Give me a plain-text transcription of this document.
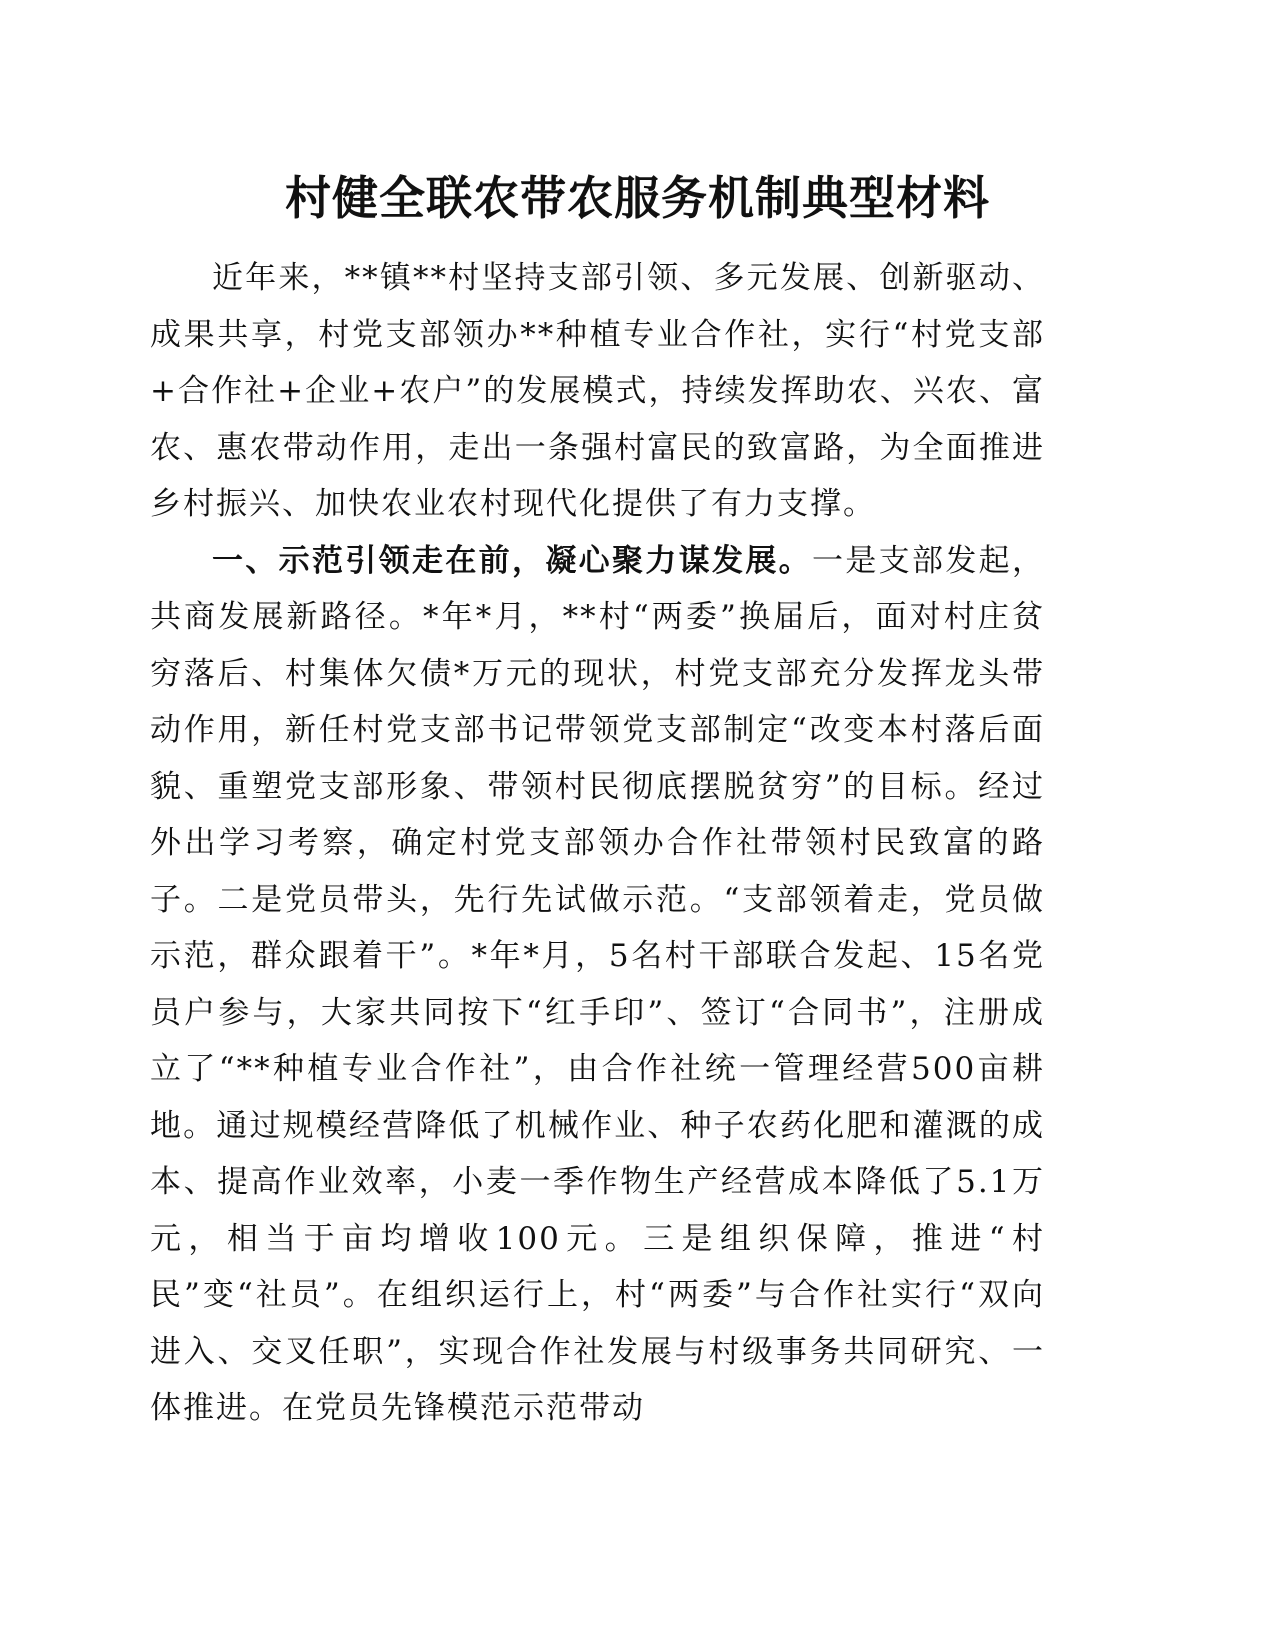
村健全联农带农服务机制典型材料

近年来，**镇**村坚持支部引领、多元发展、创新驱动、成果共享，村党支部领办**种植专业合作社，实行“村党支部+合作社+企业+农户”的发展模式，持续发挥助农、兴农、富农、惠农带动作用，走出一条强村富民的致富路，为全面推进乡村振兴、加快农业农村现代化提供了有力支撑。

一、示范引领走在前，凝心聚力谋发展。一是支部发起，共商发展新路径。*年*月，**村“两委”换届后，面对村庄贫穷落后、村集体欠债*万元的现状，村党支部充分发挥龙头带动作用，新任村党支部书记带领党支部制定“改变本村落后面貌、重塑党支部形象、带领村民彻底摆脱贫穷”的目标。经过外出学习考察，确定村党支部领办合作社带领村民致富的路子。二是党员带头，先行先试做示范。“支部领着走，党员做示范，群众跟着干”。*年*月，5名村干部联合发起、15名党员户参与，大家共同按下“红手印”、签订“合同书”，注册成立了“**种植专业合作社”，由合作社统一管理经营500亩耕地。通过规模经营降低了机械作业、种子农药化肥和灌溉的成本、提高作业效率，小麦一季作物生产经营成本降低了5.1万元，相当于亩均增收100元。三是组织保障，推进“村民”变“社员”。在组织运行上，村“两委”与合作社实行“双向进入、交叉任职”，实现合作社发展与村级事务共同研究、一体推进。在党员先锋模范示范带动
